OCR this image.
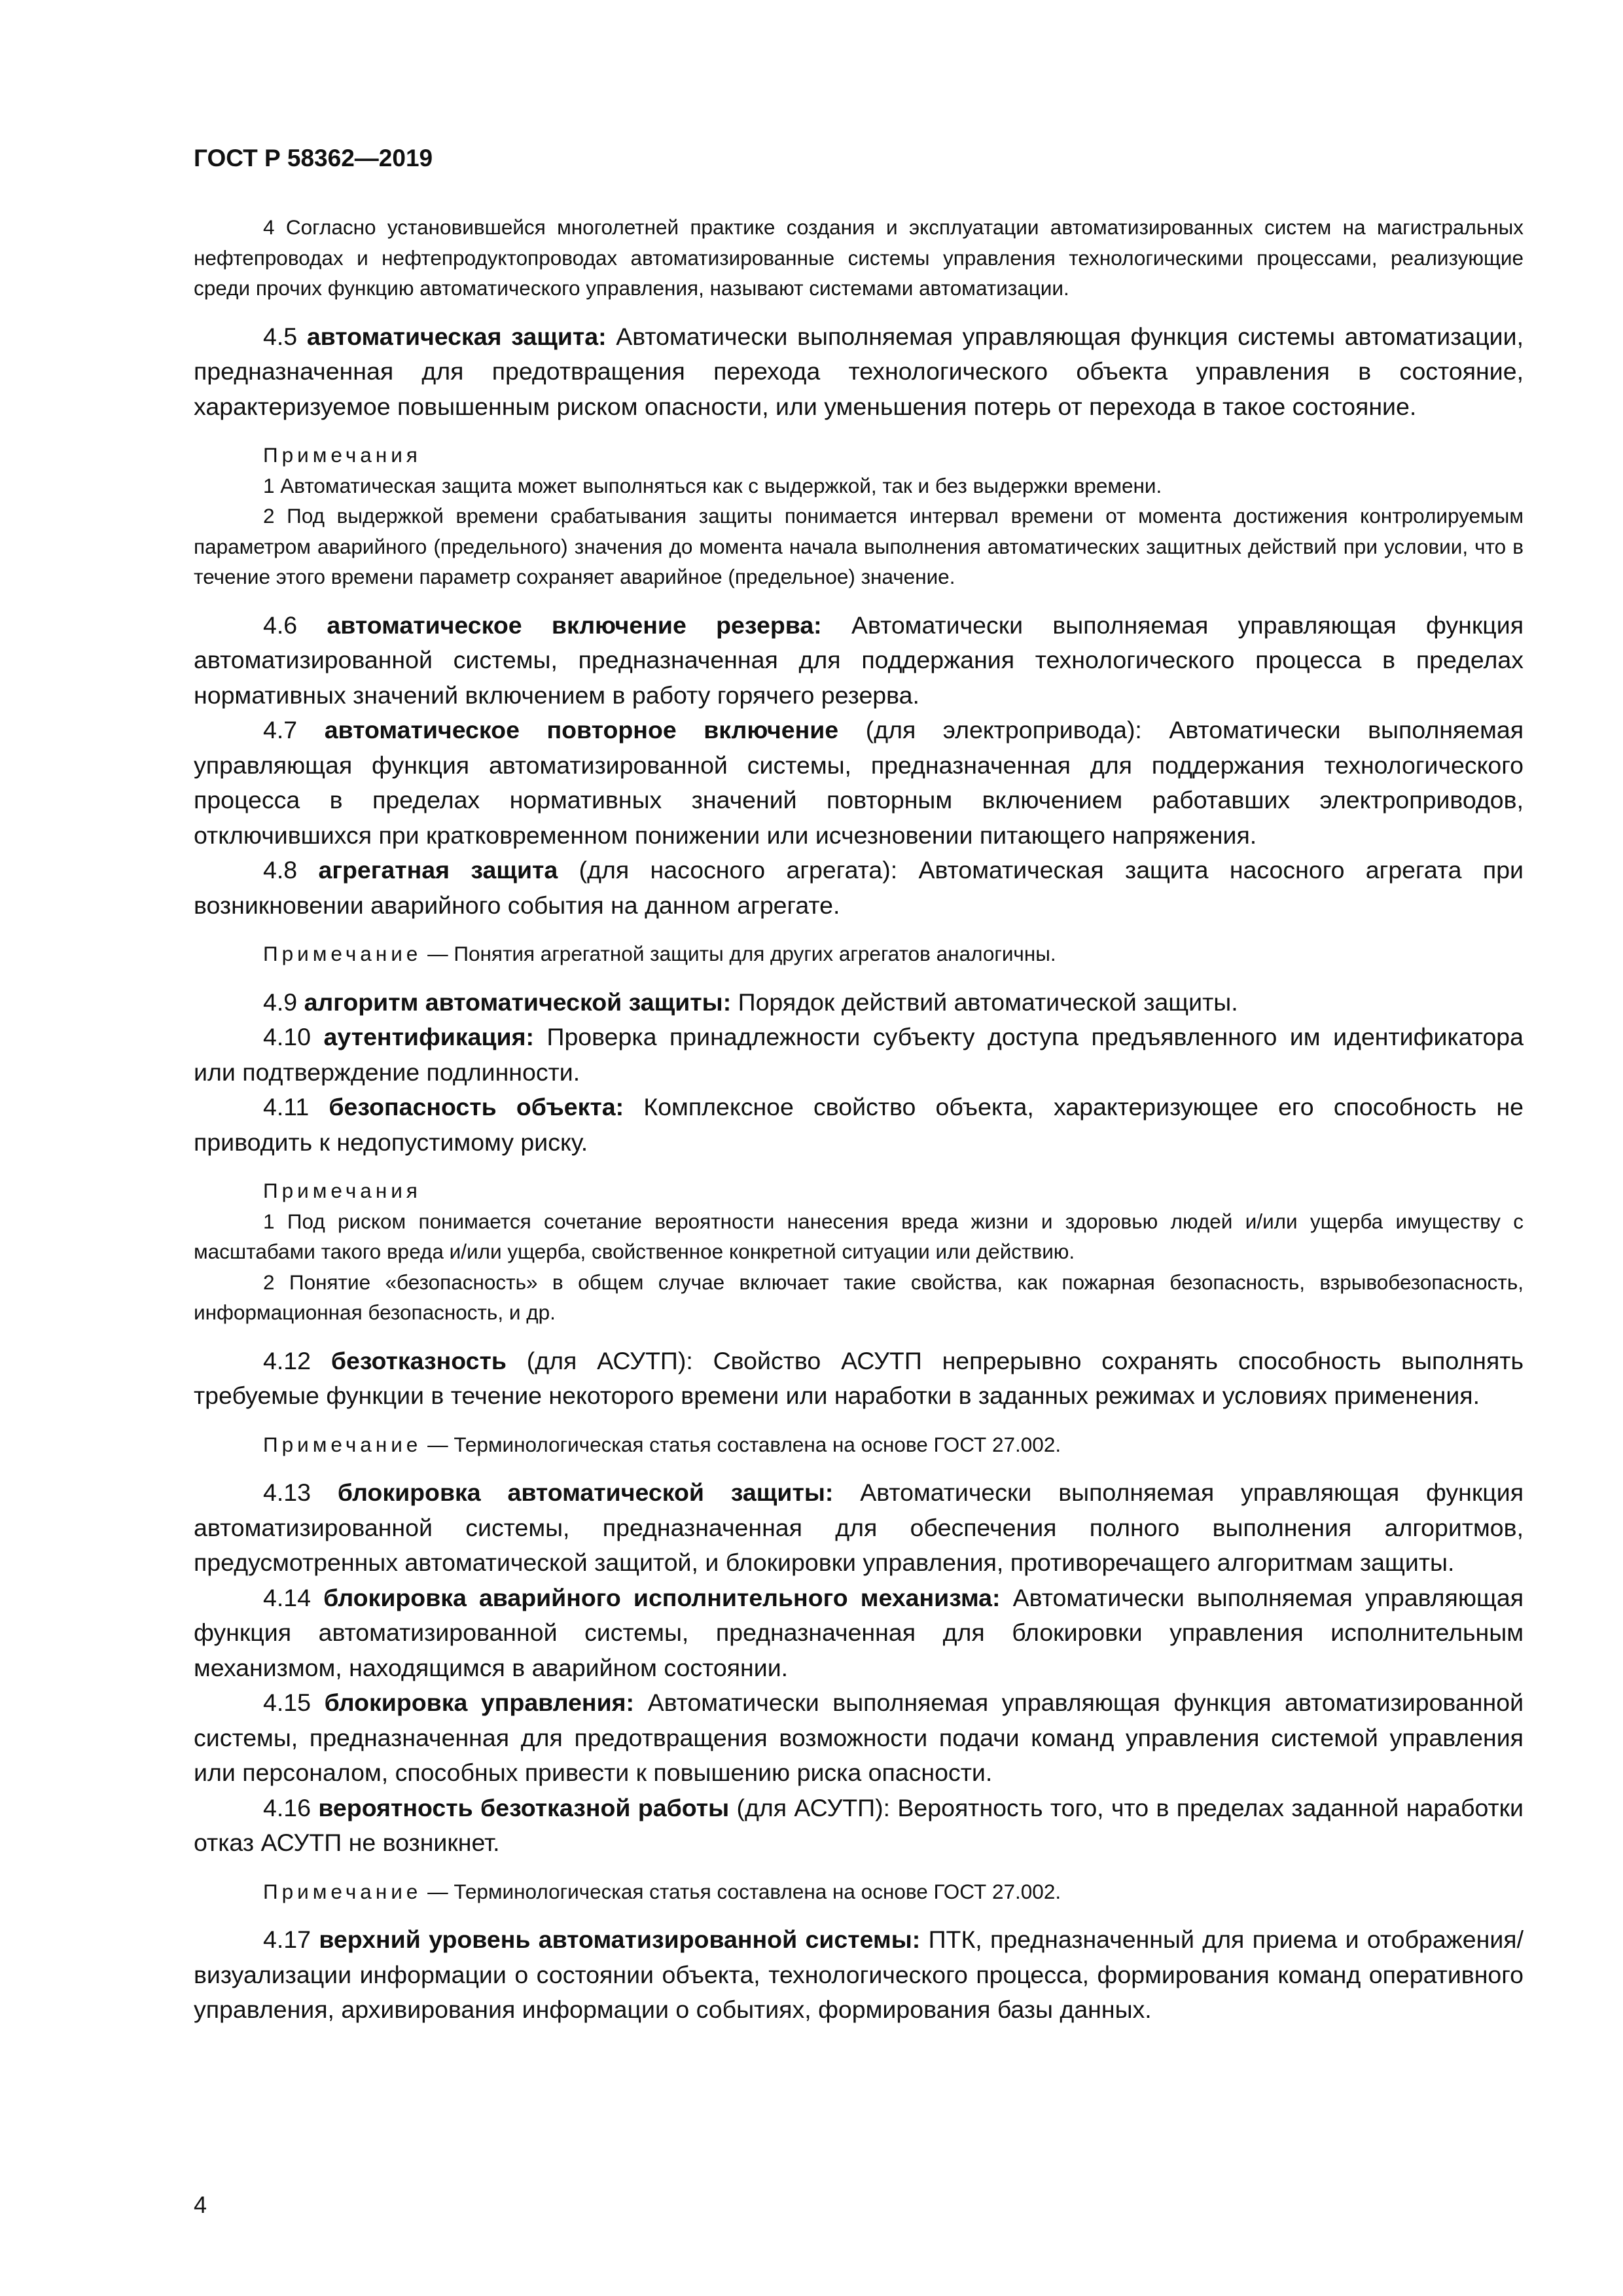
ГОСТ Р 58362—2019

4 Согласно установившейся многолетней практике создания и эксплуатации автоматизированных систем на магистральных нефтепроводах и нефтепродуктопроводах автоматизированные системы управления технологическими процессами, реализующие среди прочих функцию автоматического управления, называют системами автоматизации.

4.5 автоматическая защита: Автоматически выполняемая управляющая функция системы автоматизации, предназначенная для предотвращения перехода технологического объекта управления в состояние, характеризуемое повышенным риском опасности, или уменьшения потерь от перехода в такое состояние.

Примечания

1 Автоматическая защита может выполняться как с выдержкой, так и без выдержки времени.

2 Под выдержкой времени срабатывания защиты понимается интервал времени от момента достижения контролируемым параметром аварийного (предельного) значения до момента начала выполнения автоматических защитных действий при условии, что в течение этого времени параметр сохраняет аварийное (предельное) значение.

4.6 автоматическое включение резерва: Автоматически выполняемая управляющая функция автоматизированной системы, предназначенная для поддержания технологического процесса в пределах нормативных значений включением в работу горячего резерва.

4.7 автоматическое повторное включение (для электропривода): Автоматически выполняемая управляющая функция автоматизированной системы, предназначенная для поддержания технологического процесса в пределах нормативных значений повторным включением работавших электроприводов, отключившихся при кратковременном понижении или исчезновении питающего напряжения.

4.8 агрегатная защита (для насосного агрегата): Автоматическая защита насосного агрегата при возникновении аварийного события на данном агрегате.

Примечание — Понятия агрегатной защиты для других агрегатов аналогичны.

4.9 алгоритм автоматической защиты: Порядок действий автоматической защиты.

4.10 аутентификация: Проверка принадлежности субъекту доступа предъявленного им идентификатора или подтверждение подлинности.

4.11 безопасность объекта: Комплексное свойство объекта, характеризующее его способность не приводить к недопустимому риску.

Примечания

1 Под риском понимается сочетание вероятности нанесения вреда жизни и здоровью людей и/или ущерба имуществу с масштабами такого вреда и/или ущерба, свойственное конкретной ситуации или действию.

2 Понятие «безопасность» в общем случае включает такие свойства, как пожарная безопасность, взрывобезопасность, информационная безопасность, и др.

4.12 безотказность (для АСУТП): Свойство АСУТП непрерывно сохранять способность выполнять требуемые функции в течение некоторого времени или наработки в заданных режимах и условиях применения.

Примечание — Терминологическая статья составлена на основе ГОСТ 27.002.

4.13 блокировка автоматической защиты: Автоматически выполняемая управляющая функция автоматизированной системы, предназначенная для обеспечения полного выполнения алгоритмов, предусмотренных автоматической защитой, и блокировки управления, противоречащего алгоритмам защиты.

4.14 блокировка аварийного исполнительного механизма: Автоматически выполняемая управляющая функция автоматизированной системы, предназначенная для блокировки управления исполнительным механизмом, находящимся в аварийном состоянии.

4.15 блокировка управления: Автоматически выполняемая управляющая функция автоматизированной системы, предназначенная для предотвращения возможности подачи команд управления системой управления или персоналом, способных привести к повышению риска опасности.

4.16 вероятность безотказной работы (для АСУТП): Вероятность того, что в пределах заданной наработки отказ АСУТП не возникнет.

Примечание — Терминологическая статья составлена на основе ГОСТ 27.002.

4.17 верхний уровень автоматизированной системы: ПТК, предназначенный для приема и отображения/визуализации информации о состоянии объекта, технологического процесса, формирования команд оперативного управления, архивирования информации о событиях, формирования базы данных.

4
